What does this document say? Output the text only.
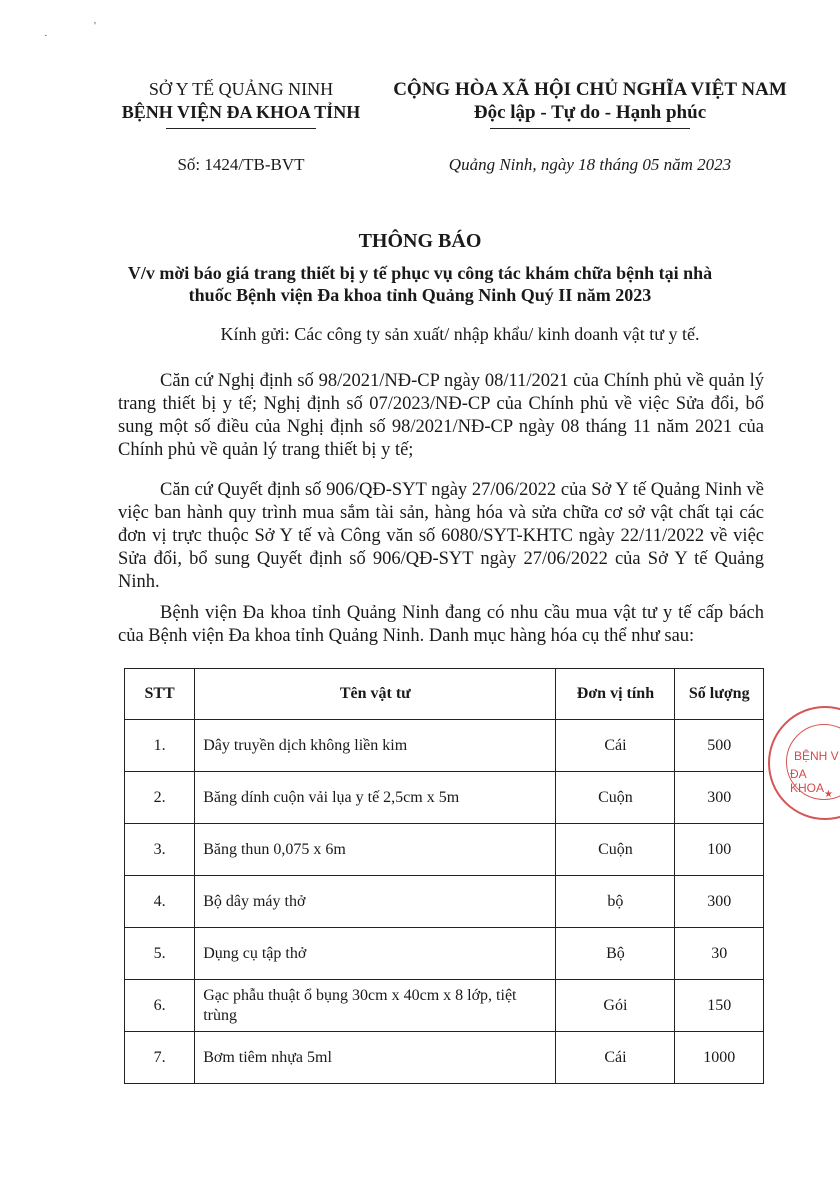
·
'
SỞ Y TẾ QUẢNG NINH
BỆNH VIỆN ĐA KHOA TỈNH
Số: 1424/TB-BVT
CỘNG HÒA XÃ HỘI CHỦ NGHĨA VIỆT NAM
Độc lập - Tự do - Hạnh phúc
Quảng Ninh, ngày 18 tháng 05 năm 2023
THÔNG BÁO
V/v mời báo giá trang thiết bị y tế phục vụ công tác khám chữa bệnh tại nhà thuốc Bệnh viện Đa khoa tỉnh Quảng Ninh Quý II năm 2023
Kính gửi: Các công ty sản xuất/ nhập khẩu/ kinh doanh vật tư y tế.
Căn cứ Nghị định số 98/2021/NĐ-CP ngày 08/11/2021 của Chính phủ về quản lý trang thiết bị y tế; Nghị định số 07/2023/NĐ-CP của Chính phủ về việc Sửa đổi, bổ sung một số điều của Nghị định số 98/2021/NĐ-CP ngày 08 tháng 11 năm 2021 của Chính phủ về quản lý trang thiết bị y tế;
Căn cứ Quyết định số 906/QĐ-SYT ngày 27/06/2022 của Sở Y tế Quảng Ninh về việc ban hành quy trình mua sắm tài sản, hàng hóa và sửa chữa cơ sở vật chất tại các đơn vị trực thuộc Sở Y tế và Công văn số 6080/SYT-KHTC ngày 22/11/2022 về việc Sửa đổi, bổ sung Quyết định số 906/QĐ-SYT ngày 27/06/2022 của Sở Y tế Quảng Ninh.
Bệnh viện Đa khoa tỉnh Quảng Ninh đang có nhu cầu mua vật tư y tế cấp bách của Bệnh viện Đa khoa tỉnh Quảng Ninh. Danh mục hàng hóa cụ thể như sau:
STT	Tên vật tư	Đơn vị tính	Số lượng
1.	Dây truyền dịch không liền kim	Cái	500
2.	Băng dính cuộn vải lụa y tế 2,5cm x 5m	Cuộn	300
3.	Băng thun 0,075 x 6m	Cuộn	100
4.	Bộ dây máy thở	bộ	300
5.	Dụng cụ tập thở	Bộ	30
6.	Gạc phẫu thuật ổ bụng 30cm x 40cm x 8 lớp, tiệt trùng	Gói	150
7.	Bơm tiêm nhựa 5ml	Cái	1000
BỆNH V
ĐA KHOA ★
